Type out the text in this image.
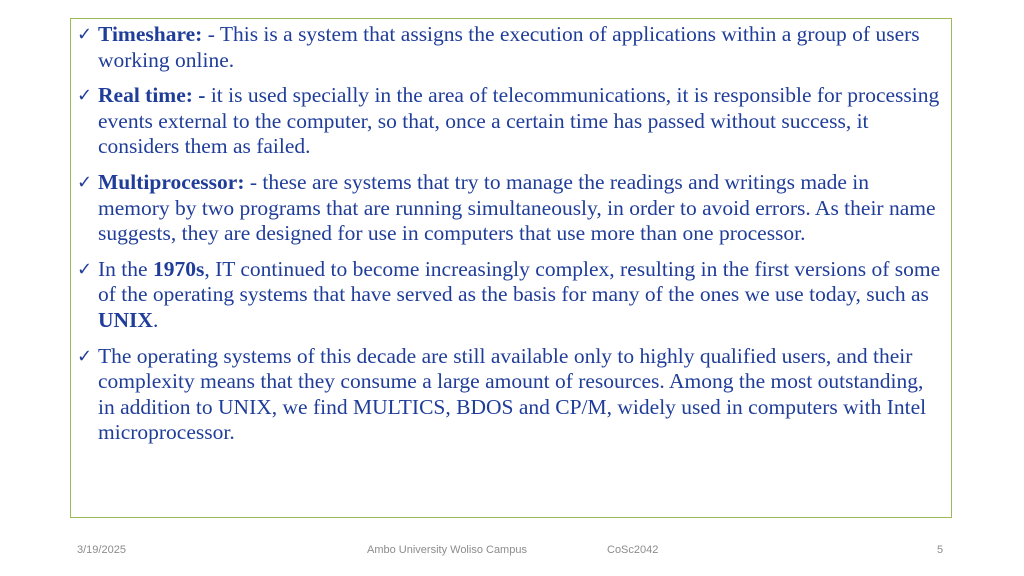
✓ Timeshare: - This is a system that assigns the execution of applications within a group of users working online.
✓ Real time: - it is used specially in the area of telecommunications, it is responsible for processing events external to the computer, so that, once a certain time has passed without success, it considers them as failed.
✓ Multiprocessor: - these are systems that try to manage the readings and writings made in memory by two programs that are running simultaneously, in order to avoid errors. As their name suggests, they are designed for use in computers that use more than one processor.
✓ In the 1970s, IT continued to become increasingly complex, resulting in the first versions of some of the operating systems that have served as the basis for many of the ones we use today, such as UNIX.
✓ The operating systems of this decade are still available only to highly qualified users, and their complexity means that they consume a large amount of resources. Among the most outstanding, in addition to UNIX, we find MULTICS, BDOS and CP/M, widely used in computers with Intel microprocessor.
3/19/2025	Ambo University Woliso Campus	CoSc2042	5
